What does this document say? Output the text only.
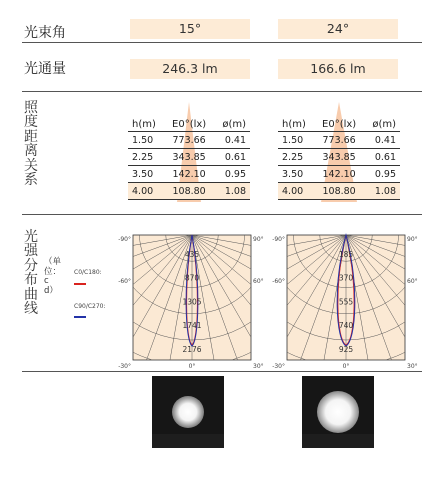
光束角	15°	24°
光通量	246.3 lm	166.6 lm
照度距离关系
h(m)	E0°(lx)	ø(m)
1.50	773.66	0.41
2.25	343.85	0.61
3.50	142.10	0.95
4.00	108.80	1.08
h(m)	E0°(lx)	ø(m)
1.50	773.66	0.41
2.25	343.85	0.61
3.50	142.10	0.95
4.00	108.80	1.08
光强分布曲线
（单位：cd）
C0/C180:
C90/C270:
435
870
1305
1741
2176
-90°	90°
-60°	60°
-30°	0°	30°
185
370
555
740
925
-90°	90°
-60°	60°
-30°	0°	30°
